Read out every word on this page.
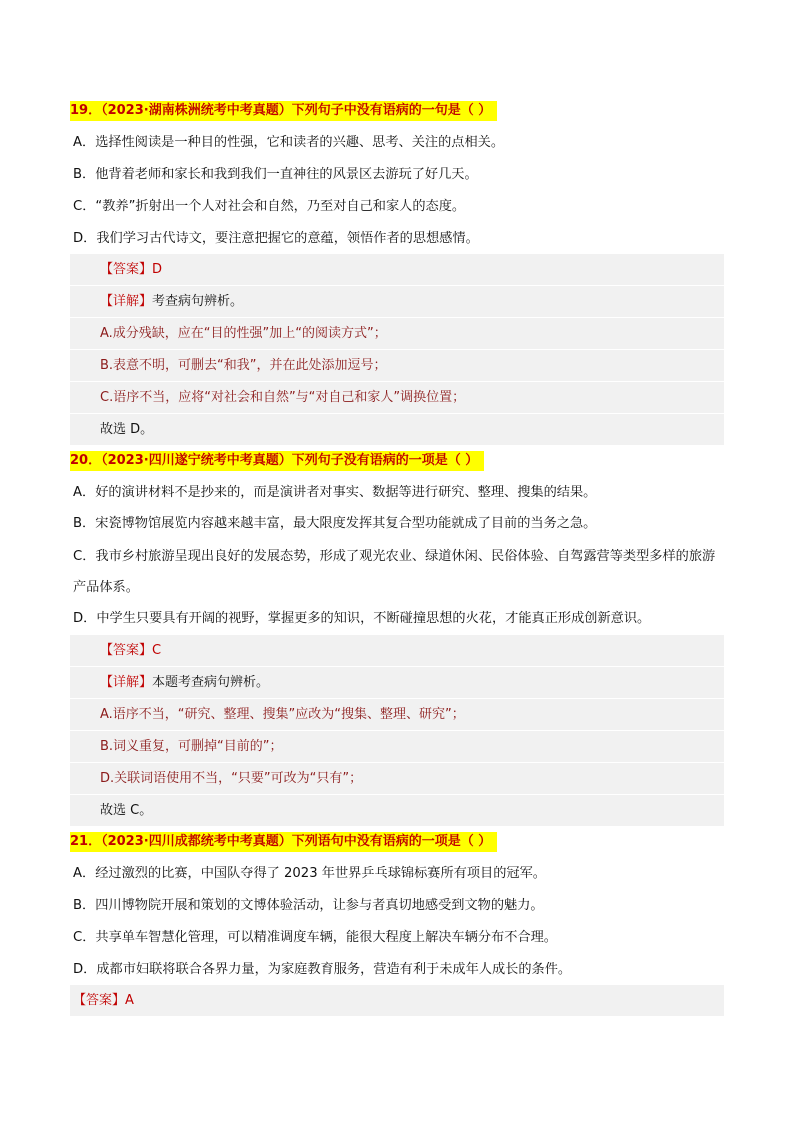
19．（2023·湖南株洲统考中考真题）下列句子中没有语病的一句是（ ）
A．选择性阅读是一种目的性强，它和读者的兴趣、思考、关注的点相关。
B．他背着老师和家长和我到我们一直神往的风景区去游玩了好几天。
C．“教养”折射出一个人对社会和自然，乃至对自己和家人的态度。
D．我们学习古代诗文，要注意把握它的意蕴，领悟作者的思想感情。
【答案】D
【详解】考查病句辨析。
A.成分残缺，应在“目的性强”加上“的阅读方式”；
B.表意不明，可删去“和我”，并在此处添加逗号；
C.语序不当，应将“对社会和自然”与“对自己和家人”调换位置；
故选 D。
20．（2023·四川遂宁统考中考真题）下列句子没有语病的一项是（ ）
A．好的演讲材料不是抄来的，而是演讲者对事实、数据等进行研究、整理、搜集的结果。
B．宋瓷博物馆展览内容越来越丰富，最大限度发挥其复合型功能就成了目前的当务之急。
C．我市乡村旅游呈现出良好的发展态势，形成了观光农业、绿道休闲、民俗体验、自驾露营等类型多样的旅游产品体系。
D．中学生只要具有开阔的视野，掌握更多的知识，不断碰撞思想的火花，才能真正形成创新意识。
【答案】C
【详解】本题考查病句辨析。
A.语序不当，“研究、整理、搜集”应改为“搜集、整理、研究”；
B.词义重复，可删掉“目前的”；
D.关联词语使用不当，“只要”可改为“只有”；
故选 C。
21．（2023·四川成都统考中考真题）下列语句中没有语病的一项是（ ）
A．经过激烈的比赛，中国队夺得了 2023 年世界乒乓球锦标赛所有项目的冠军。
B．四川博物院开展和策划的文博体验活动，让参与者真切地感受到文物的魅力。
C．共享单车智慧化管理，可以精准调度车辆，能很大程度上解决车辆分布不合理。
D．成都市妇联将联合各界力量，为家庭教育服务，营造有利于未成年人成长的条件。
【答案】A
